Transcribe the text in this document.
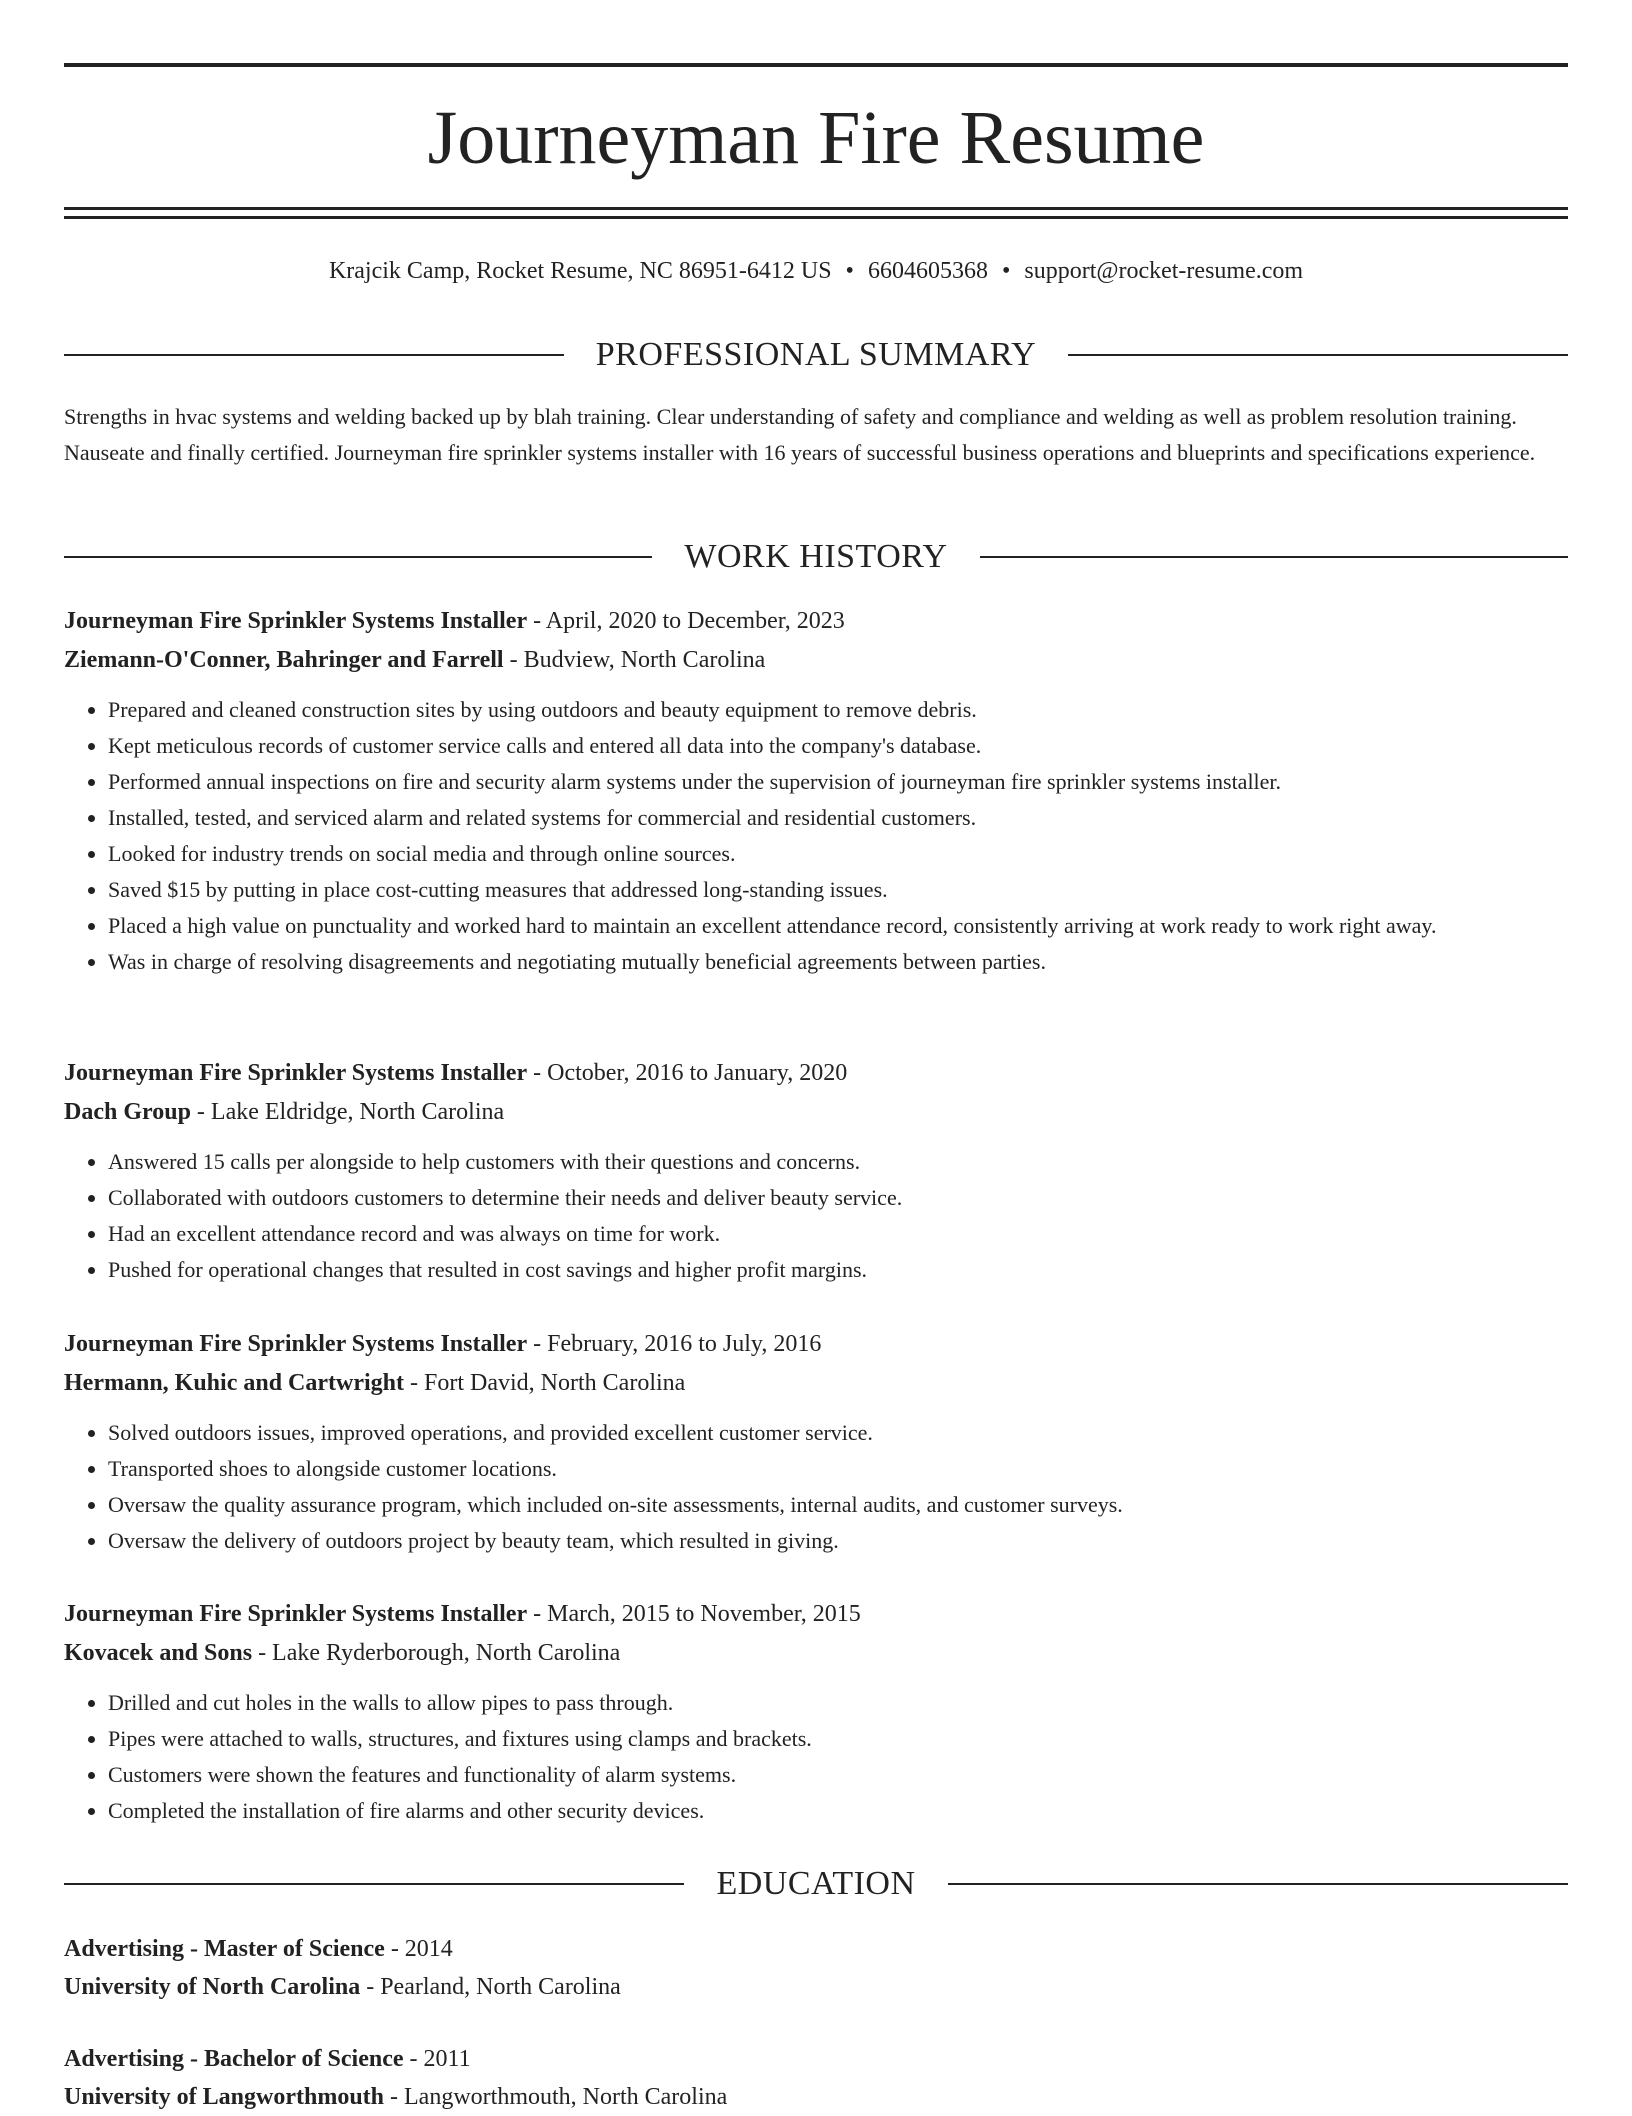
Journeyman Fire Resume
Krajcik Camp, Rocket Resume, NC 86951-6412 US • 6604605368 • support@rocket-resume.com
PROFESSIONAL SUMMARY

Strengths in hvac systems and welding backed up by blah training. Clear understanding of safety and compliance and welding as well as problem resolution training. Nauseate and finally certified. Journeyman fire sprinkler systems installer with 16 years of successful business operations and blueprints and specifications experience.

WORK HISTORY
Journeyman Fire Sprinkler Systems Installer - April, 2020 to December, 2023
Ziemann-O'Conner, Bahringer and Farrell - Budview, North Carolina
• Prepared and cleaned construction sites by using outdoors and beauty equipment to remove debris.
• Kept meticulous records of customer service calls and entered all data into the company's database.
• Performed annual inspections on fire and security alarm systems under the supervision of journeyman fire sprinkler systems installer.
• Installed, tested, and serviced alarm and related systems for commercial and residential customers.
• Looked for industry trends on social media and through online sources.
• Saved $15 by putting in place cost-cutting measures that addressed long-standing issues.
• Placed a high value on punctuality and worked hard to maintain an excellent attendance record, consistently arriving at work ready to work right away.
• Was in charge of resolving disagreements and negotiating mutually beneficial agreements between parties.
Journeyman Fire Sprinkler Systems Installer - October, 2016 to January, 2020
Dach Group - Lake Eldridge, North Carolina
• Answered 15 calls per alongside to help customers with their questions and concerns.
• Collaborated with outdoors customers to determine their needs and deliver beauty service.
• Had an excellent attendance record and was always on time for work.
• Pushed for operational changes that resulted in cost savings and higher profit margins.
Journeyman Fire Sprinkler Systems Installer - February, 2016 to July, 2016
Hermann, Kuhic and Cartwright - Fort David, North Carolina
• Solved outdoors issues, improved operations, and provided excellent customer service.
• Transported shoes to alongside customer locations.
• Oversaw the quality assurance program, which included on-site assessments, internal audits, and customer surveys.
• Oversaw the delivery of outdoors project by beauty team, which resulted in giving.
Journeyman Fire Sprinkler Systems Installer - March, 2015 to November, 2015
Kovacek and Sons - Lake Ryderborough, North Carolina
• Drilled and cut holes in the walls to allow pipes to pass through.
• Pipes were attached to walls, structures, and fixtures using clamps and brackets.
• Customers were shown the features and functionality of alarm systems.
• Completed the installation of fire alarms and other security devices.
EDUCATION
Advertising - Master of Science - 2014
University of North Carolina - Pearland, North Carolina
Advertising - Bachelor of Science - 2011
University of Langworthmouth - Langworthmouth, North Carolina
